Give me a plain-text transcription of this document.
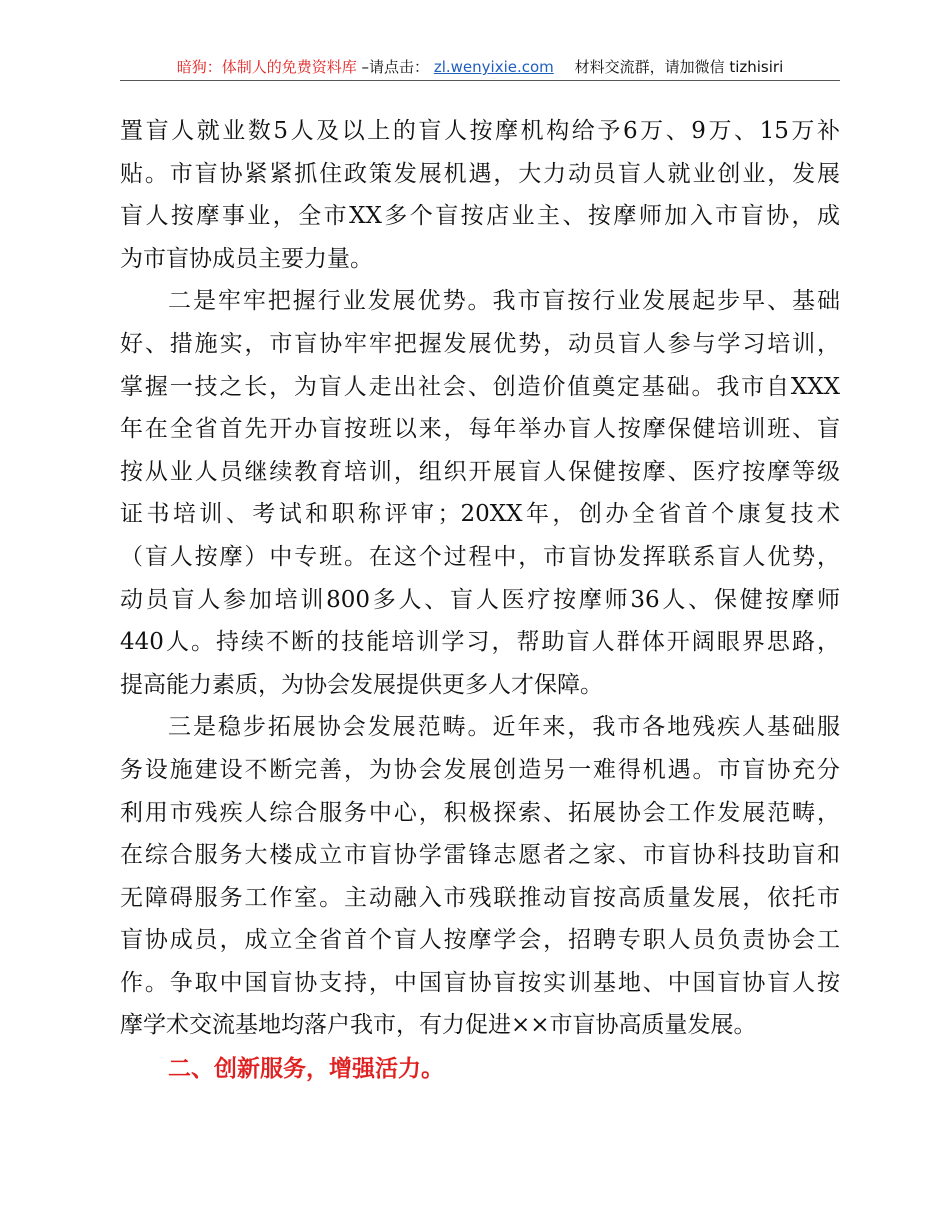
暗狗：体制人的免费资料库 –请点击： zl.wenyixie.com 材料交流群，请加微信 tizhisiri
置盲人就业数5人及以上的盲人按摩机构给予6万、9万、15万补
贴。市盲协紧紧抓住政策发展机遇，大力动员盲人就业创业，发展
盲人按摩事业，全市XX多个盲按店业主、按摩师加入市盲协，成
为市盲协成员主要力量。
二是牢牢把握行业发展优势。我市盲按行业发展起步早、基础
好、措施实，市盲协牢牢把握发展优势，动员盲人参与学习培训，
掌握一技之长，为盲人走出社会、创造价值奠定基础。我市自XXX
年在全省首先开办盲按班以来，每年举办盲人按摩保健培训班、盲
按从业人员继续教育培训，组织开展盲人保健按摩、医疗按摩等级
证书培训、考试和职称评审；20XX年，创办全省首个康复技术
（盲人按摩）中专班。在这个过程中，市盲协发挥联系盲人优势，
动员盲人参加培训800多人、盲人医疗按摩师36人、保健按摩师
440人。持续不断的技能培训学习，帮助盲人群体开阔眼界思路，
提高能力素质，为协会发展提供更多人才保障。
三是稳步拓展协会发展范畴。近年来，我市各地残疾人基础服
务设施建设不断完善，为协会发展创造另一难得机遇。市盲协充分
利用市残疾人综合服务中心，积极探索、拓展协会工作发展范畴，
在综合服务大楼成立市盲协学雷锋志愿者之家、市盲协科技助盲和
无障碍服务工作室。主动融入市残联推动盲按高质量发展，依托市
盲协成员，成立全省首个盲人按摩学会，招聘专职人员负责协会工
作。争取中国盲协支持，中国盲协盲按实训基地、中国盲协盲人按
摩学术交流基地均落户我市，有力促进××市盲协高质量发展。
二、创新服务，增强活力。
